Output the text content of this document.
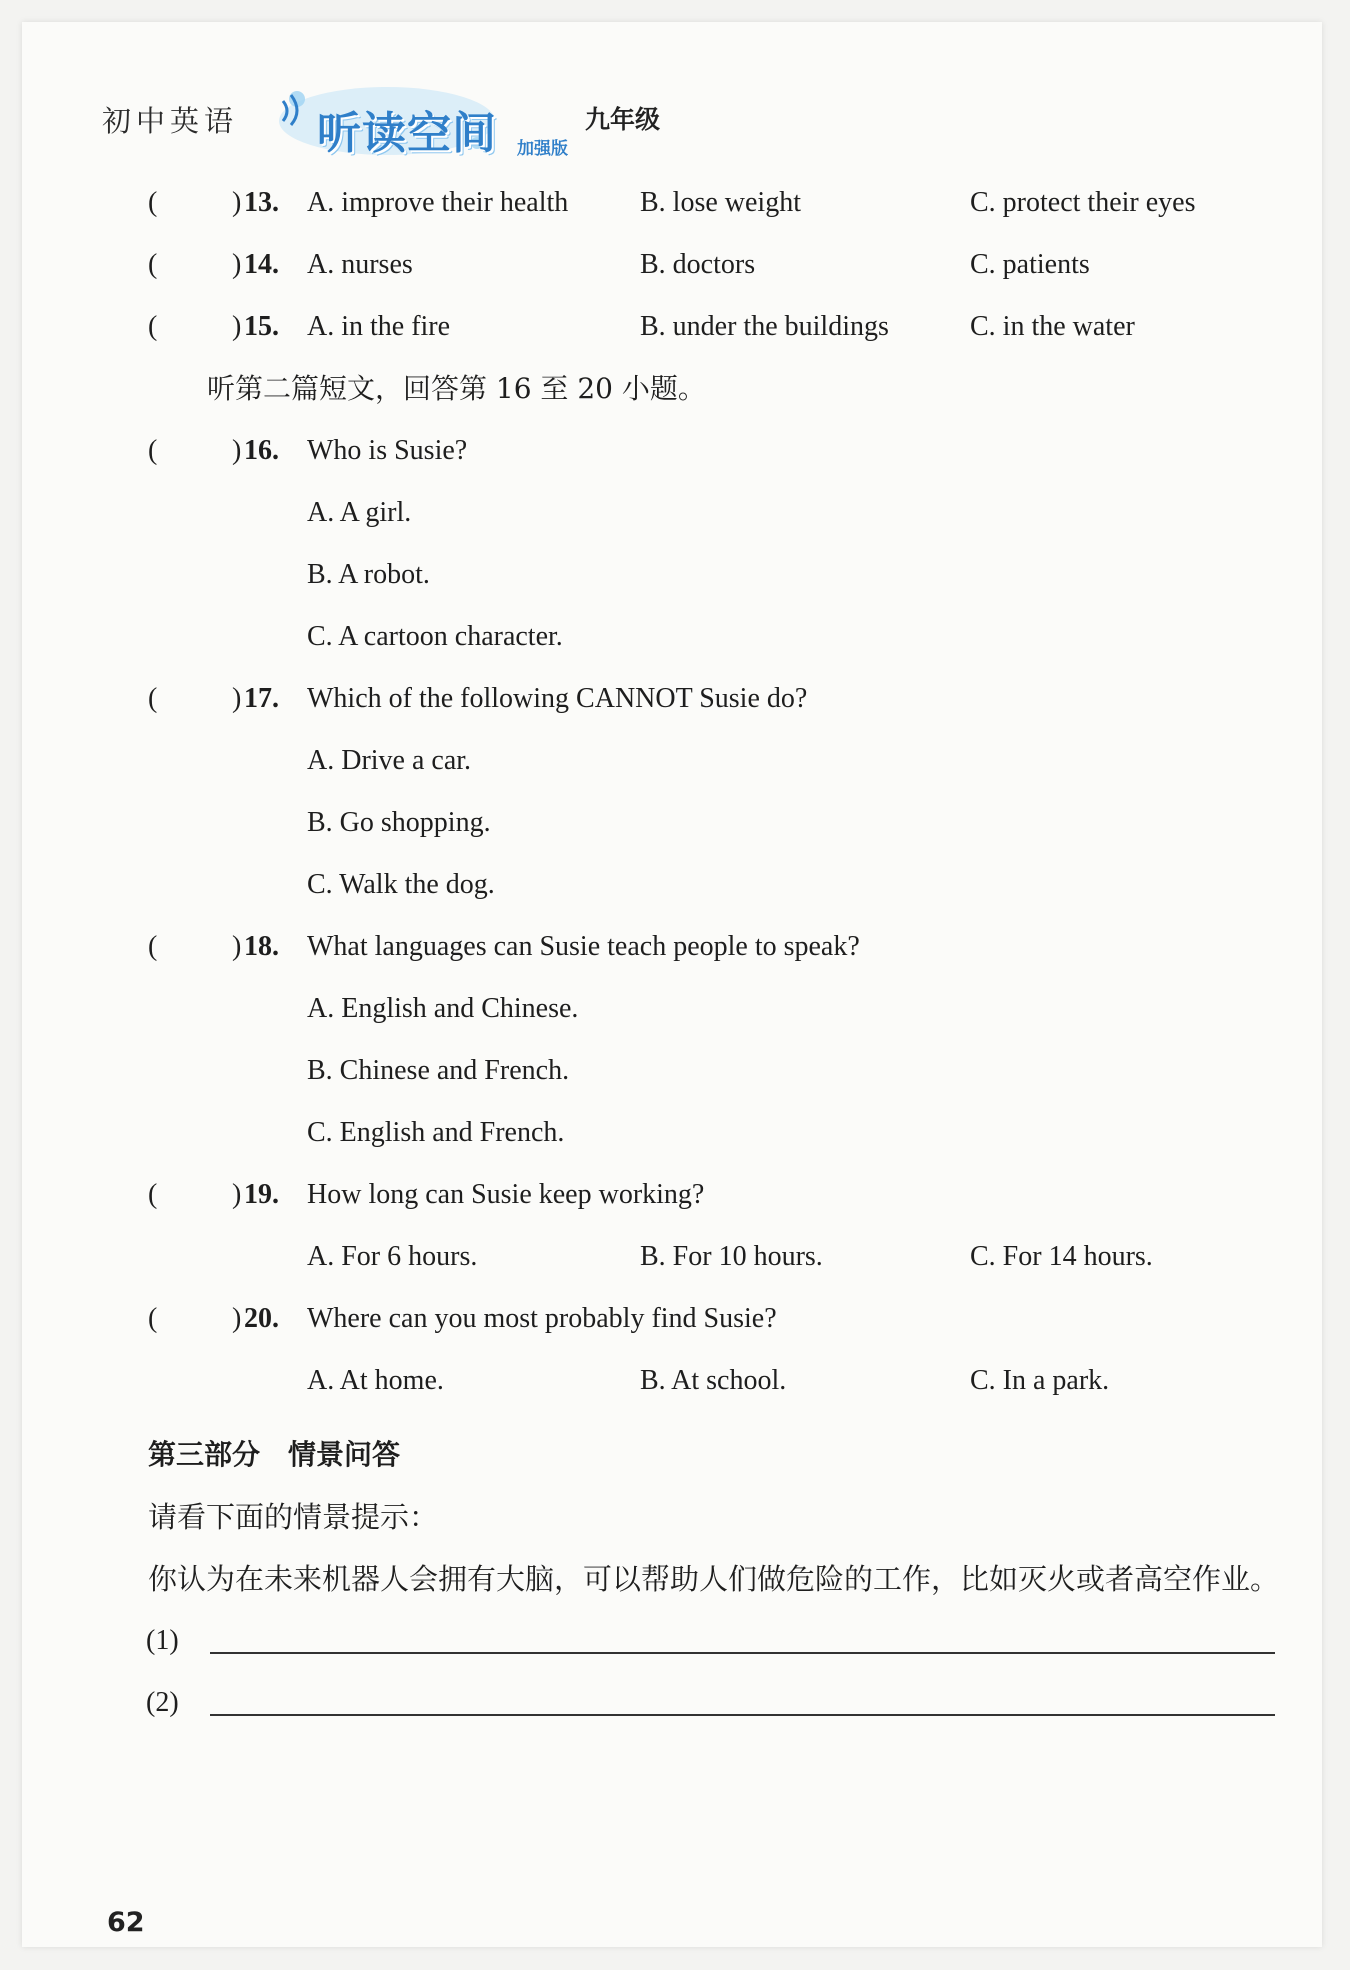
初中英语 听读空间 加强版
九年级
(	) 13. A. improve their health	B. lose weight	C. protect their eyes
(	) 14. A. nurses	B. doctors	C. patients
(	) 15. A. in the fire	B. under the buildings	C. in the water
听第二篇短文，回答第 16 至 20 小题。
(	) 16. Who is Susie?
A. A girl.
B. A robot.
C. A cartoon character.
(	) 17. Which of the following CANNOT Susie do?
A. Drive a car.
B. Go shopping.
C. Walk the dog.
(	) 18. What languages can Susie teach people to speak?
A. English and Chinese.
B. Chinese and French.
C. English and French.
(	) 19. How long can Susie keep working?
A. For 6 hours.	B. For 10 hours.	C. For 14 hours.
(	) 20. Where can you most probably find Susie?
A. At home.	B. At school.	C. In a park.
第三部分　情景问答
请看下面的情景提示：
你认为在未来机器人会拥有大脑，可以帮助人们做危险的工作，比如灭火或者高空作业。
(1)
(2)
62
